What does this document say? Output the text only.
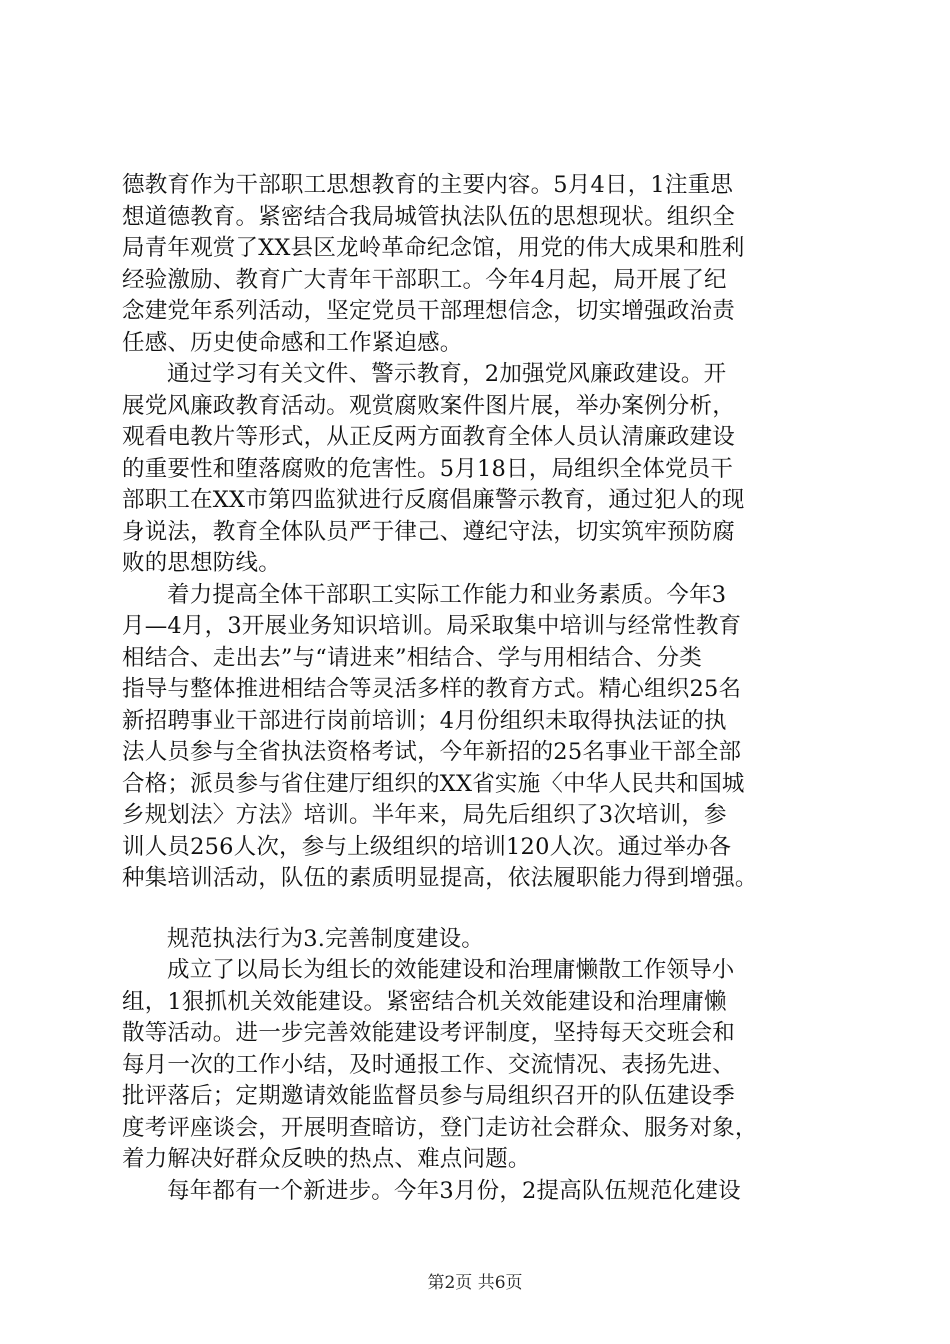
德教育作为干部职工思想教育的主要内容。5月4日，1注重思
想道德教育。紧密结合我局城管执法队伍的思想现状。组织全
局青年观赏了XX县区龙岭革命纪念馆，用党的伟大成果和胜利
经验激励、教育广大青年干部职工。今年4月起，局开展了纪
念建党年系列活动，坚定党员干部理想信念，切实增强政治责
任感、历史使命感和工作紧迫感。
通过学习有关文件、警示教育，2加强党风廉政建设。开
展党风廉政教育活动。观赏腐败案件图片展，举办案例分析，
观看电教片等形式，从正反两方面教育全体人员认清廉政建设
的重要性和堕落腐败的危害性。5月18日，局组织全体党员干
部职工在XX市第四监狱进行反腐倡廉警示教育，通过犯人的现
身说法，教育全体队员严于律己、遵纪守法，切实筑牢预防腐
败的思想防线。
着力提高全体干部职工实际工作能力和业务素质。今年3
月—4月，3开展业务知识培训。局采取集中培训与经常性教育
相结合、走出去”与“请进来”相结合、学与用相结合、分类
指导与整体推进相结合等灵活多样的教育方式。精心组织25名
新招聘事业干部进行岗前培训；4月份组织未取得执法证的执
法人员参与全省执法资格考试，今年新招的25名事业干部全部
合格；派员参与省住建厅组织的XX省实施〈中华人民共和国城
乡规划法〉方法》培训。半年来，局先后组织了3次培训，参
训人员256人次，参与上级组织的培训120人次。通过举办各
种集培训活动，队伍的素质明显提高，依法履职能力得到增强。
规范执法行为3.完善制度建设。
成立了以局长为组长的效能建设和治理庸懒散工作领导小
组，1狠抓机关效能建设。紧密结合机关效能建设和治理庸懒
散等活动。进一步完善效能建设考评制度，坚持每天交班会和
每月一次的工作小结，及时通报工作、交流情况、表扬先进、
批评落后；定期邀请效能监督员参与局组织召开的队伍建设季
度考评座谈会，开展明查暗访，登门走访社会群众、服务对象，
着力解决好群众反映的热点、难点问题。
每年都有一个新进步。今年3月份，2提高队伍规范化建设
第2页 共6页
